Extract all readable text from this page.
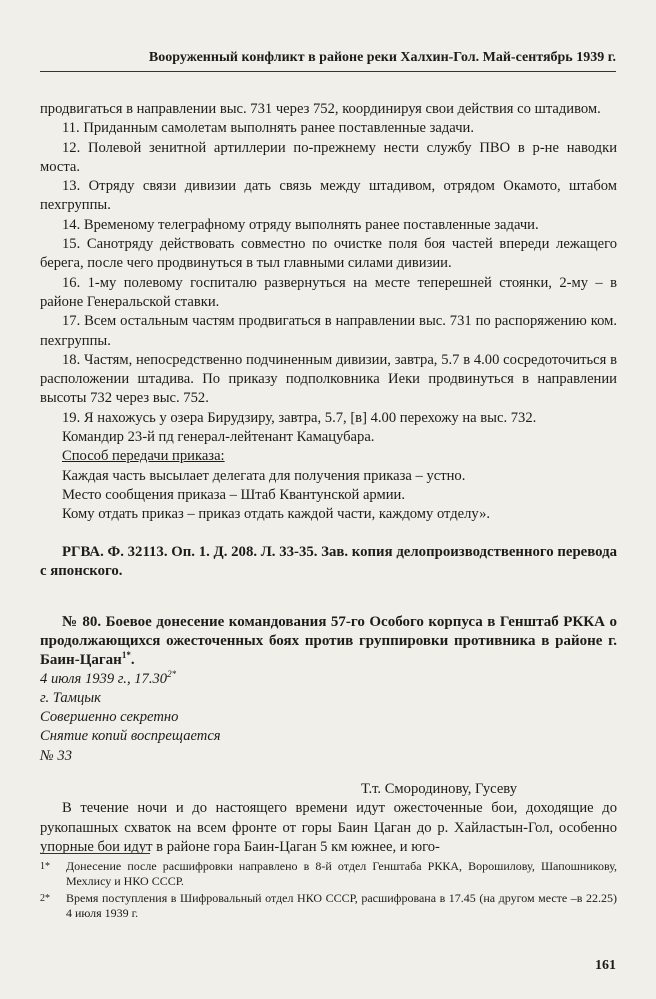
Вооруженный конфликт в районе реки Халхин-Гол. Май-сентябрь 1939 г.

продвигаться в направлении выс. 731 через 752, координируя свои действия со штадивом.

11. Приданным самолетам выполнять ранее поставленные задачи.

12. Полевой зенитной артиллерии по-прежнему нести службу ПВО в р-не наводки моста.

13. Отряду связи дивизии дать связь между штадивом, отрядом Окамото, штабом пехгруппы.

14. Временому телеграфному отряду выполнять ранее поставленные задачи.

15. Санотряду действовать совместно по очистке поля боя частей впереди лежащего берега, после чего продвинуться в тыл главными силами дивизии.

16. 1-му полевому госпиталю развернуться на месте теперешней стоянки, 2-му – в районе Генеральской ставки.

17. Всем остальным частям продвигаться в направлении выс. 731 по распоряжению ком. пехгруппы.

18. Частям, непосредственно подчиненным дивизии, завтра, 5.7 в 4.00 сосредоточиться в расположении штадива. По приказу подполковника Иеки продвинуться в направлении высоты 732 через выс. 752.

19. Я нахожусь у озера Бирудзиру, завтра, 5.7, [в] 4.00 перехожу на выс. 732.

Командир 23-й пд генерал-лейтенант Камацубара.

Способ передачи приказа:

Каждая часть высылает делегата для получения приказа – устно.

Место сообщения приказа – Штаб Квантунской армии.

Кому отдать приказ – приказ отдать каждой части, каждому отделу».

РГВА. Ф. 32113. Оп. 1. Д. 208. Л. 33-35. Зав. копия делопроизводственного перевода с японского.

№ 80. Боевое донесение командования 57-го Особого корпуса в Генштаб РККА о продолжающихся ожесточенных боях против группировки противника в районе г. Баин-Цаган$^{1*}$.

4 июля 1939 г., $17.30^{2*}$

г. Тамцык

Совершенно секретно

Снятие копий воспрещается

№ 33

Т.т. Смородинову, Гусеву

В течение ночи и до настоящего времени идут ожесточенные бои, доходящие до рукопашных схваток на всем фронте от горы Баин Цаган до р. Хайластын-Гол, особенно упорные бои идут в районе гора Баин-Цаган 5 км южнее, и юго-

1*	Донесение после расшифровки направлено в 8-й отдел Генштаба РККА, Ворошилову, Шапошникову, Мехлису и НКО СССР.
2*	Время поступления в Шифровальный отдел НКО СССР, расшифрована в 17.45 (на другом месте –в 22.25) 4 июля 1939 г.
161
